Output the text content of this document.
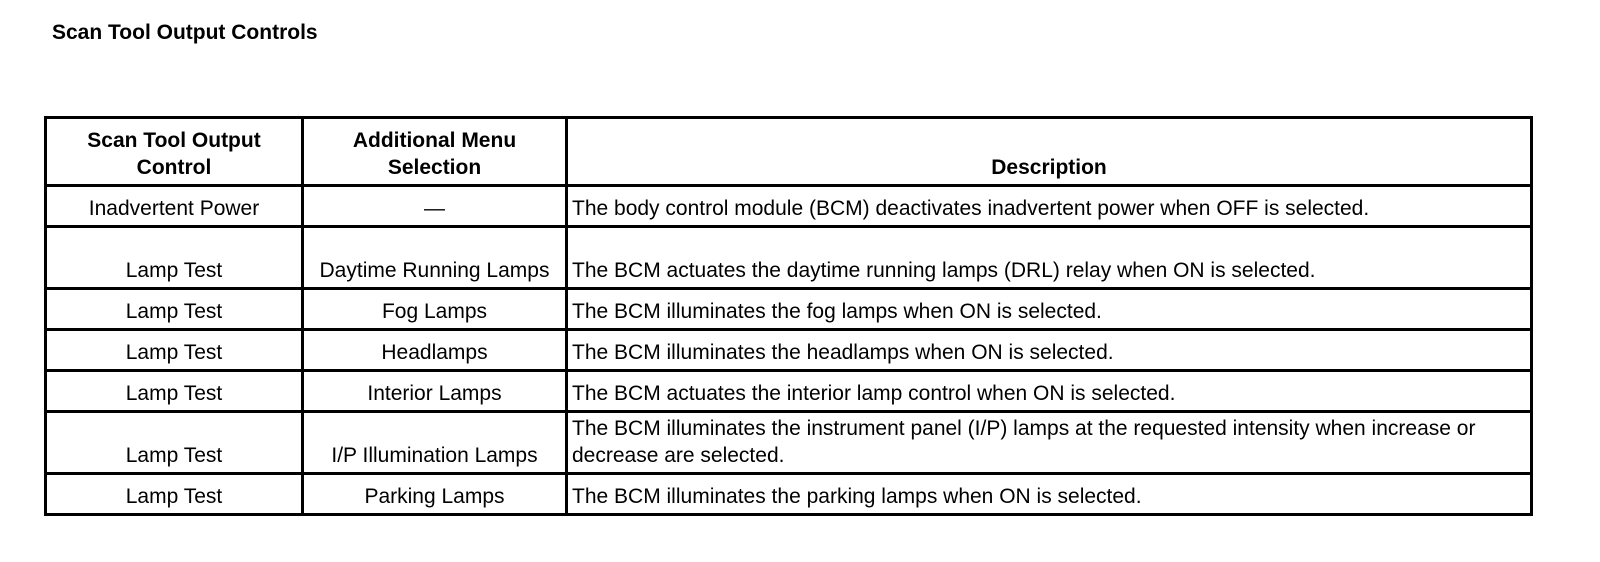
Scan Tool Output Controls
Scan Tool Output Control	Additional Menu Selection	Description
Inadvertent Power	—	The body control module (BCM) deactivates inadvertent power when OFF is selected.
Lamp Test	Daytime Running Lamps	The BCM actuates the daytime running lamps (DRL) relay when ON is selected.
Lamp Test	Fog Lamps	The BCM illuminates the fog lamps when ON is selected.
Lamp Test	Headlamps	The BCM illuminates the headlamps when ON is selected.
Lamp Test	Interior Lamps	The BCM actuates the interior lamp control when ON is selected.
Lamp Test	I/P Illumination Lamps	The BCM illuminates the instrument panel (I/P) lamps at the requested intensity when increase or decrease are selected.
Lamp Test	Parking Lamps	The BCM illuminates the parking lamps when ON is selected.
